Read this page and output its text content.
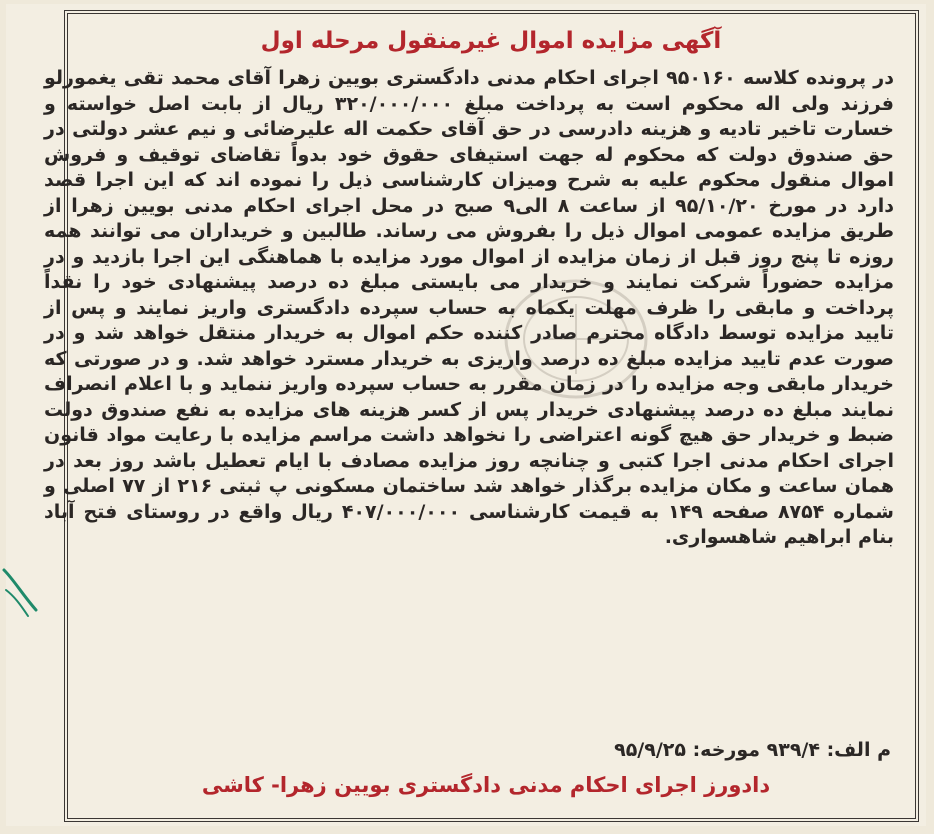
آگهی مزایده اموال غیرمنقول مرحله اول
در پرونده کلاسه ۹۵۰۱۶۰ اجرای احکام مدنی دادگستری بویین زهرا آقای محمد تقی یغمورلو فرزند ولی اله محکوم است به پرداخت مبلغ ۳۲۰/۰۰۰/۰۰۰ ریال از بابت اصل خواسته و خسارت تاخیر تادیه و هزینه دادرسی در حق آقای حکمت اله علیرضائی و نیم عشر دولتی در حق صندوق دولت که محکوم له جهت استیفای حقوق خود بدواً تقاضای توقیف و فروش اموال منقول محکوم علیه به شرح ومیزان کارشناسی ذیل را نموده اند که این اجرا قصد دارد در مورخ ۹۵/۱۰/۲۰ از ساعت ۸ الی۹ صبح در محل اجرای احکام مدنی بویین زهرا از طریق مزایده عمومی اموال ذیل را بفروش می رساند. طالبین و خریداران می توانند همه روزه تا پنج روز قبل از زمان مزایده از اموال مورد مزایده با هماهنگی این اجرا بازدید و در مزایده حضوراً شرکت نمایند و خریدار می بایستی مبلغ ده درصد پیشنهادی خود را نقداً پرداخت و مابقی را ظرف مهلت یکماه به حساب سپرده دادگستری واریز نمایند و پس از تایید مزایده توسط دادگاه محترم صادر کننده حکم اموال به خریدار منتقل خواهد شد و در صورت عدم تایید مزایده مبلغ ده درصد واریزی به خریدار مسترد خواهد شد. و در صورتی که خریدار مابقی وجه مزایده را در زمان مقرر به حساب سپرده واریز ننماید و با اعلام انصراف نمایند مبلغ ده درصد پیشنهادی خریدار پس از کسر هزینه های مزایده به نفع صندوق دولت ضبط و خریدار حق هیچ گونه اعتراضی را نخواهد داشت مراسم مزایده با رعایت مواد قانون اجرای احکام مدنی اجرا کتبی و چنانچه روز مزایده مصادف با ایام تعطیل باشد روز بعد در همان ساعت و مکان مزایده برگذار خواهد شد ساختمان مسکونی پ ثبتی ۲۱۶ از ۷۷ اصلی و شماره ۸۷۵۴ صفحه ۱۴۹ به قیمت کارشناسی ۴۰۷/۰۰۰/۰۰۰ ریال واقع در روستای فتح آباد بنام ابراهیم شاهسواری.
م الف: ۹۳۹/۴ مورخه: ۹۵/۹/۲۵
دادورز اجرای احکام مدنی دادگستری بویین زهرا- کاشی
